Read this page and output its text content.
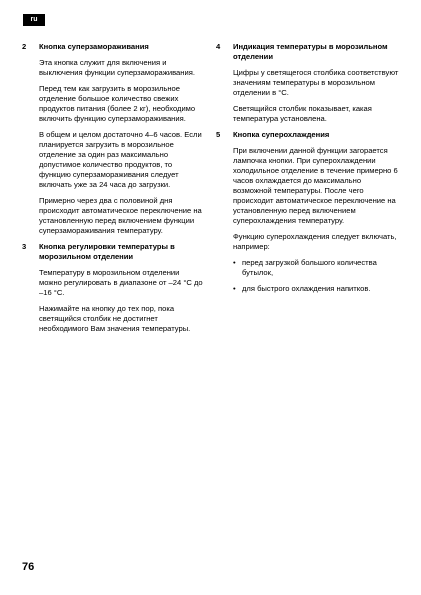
ru
2 Кнопка суперзамораживания

Эта кнопка служит для включения и выключения функции суперзамораживания.

Перед тем как загрузить в морозильное отделение большое количество свежих продуктов питания (более 2 кг), необходимо включить функцию суперзамораживания.

В общем и целом достаточно 4–6 часов. Если планируется загрузить в морозильное отделение за один раз максимально допустимое количество продуктов, то функцию суперзамораживания следует включать уже за 24 часа до загрузки.

Примерно через два с половиной дня происходит автоматическое переключение на установленную перед включением функции суперзамораживания температуру.

3 Кнопка регулировки температуры в морозильном отделении

Температуру в морозильном отделении можно регулировать в диапазоне от –24 °C до –16 °C.

Нажимайте на кнопку до тех пор, пока светящийся столбик не достигнет необходимого Вам значения температуры.

4 Индикация температуры в морозильном отделении

Цифры у светящегося столбика соответствуют значениям температуры в морозильном отделении в °C.

Светящийся столбик показывает, какая температура установлена.

5 Кнопка суперохлаждения

При включении данной функции загорается лампочка кнопки. При суперохлаждении холодильное отделение в течение примерно 6 часов охлаждается до максимально возможной температуры. После чего происходит автоматическое переключение на установленную перед включением суперохлаждения температуру.

Функцию суперохлаждения следует включать, например:

• перед загрузкой большого количества бутылок,
• для быстрого охлаждения напитков.
76
